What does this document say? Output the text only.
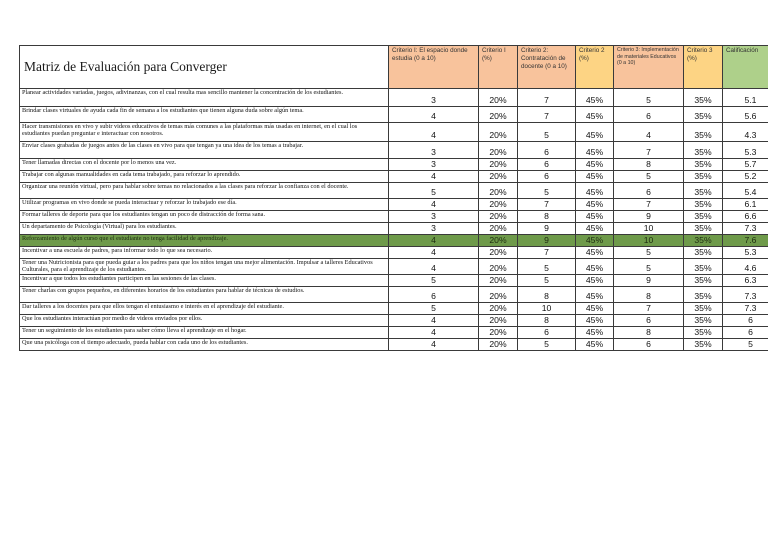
Matriz de Evaluación para Converger	Criterio I: El espacio donde estudia (0 a 10)	Criterio I (%)	Criterio 2: Contratación de docente (0 a 10)	Criterio 2 (%)	Criterio 3: Implementación de materiales Educativos (0 a 10)	Criterio 3 (%)	Calificación
Planear actividades variadas, juegos, adivinanzas, con el cual resulta mas sencillo mantener la concentración de los estudiantes.	3	20%	7	45%	5	35%	5.1
Brindar clases virtuales de ayuda cada fin de semana a los estudiantes que tienen alguna duda sobre algún tema.	4	20%	7	45%	6	35%	5.6
Hacer transmisiones en vivo y subir videos educativos de temas más comunes a las plataformas más usadas en internet, en el cual los estudiantes puedan preguntar e interactuar con nosotros.	4	20%	5	45%	4	35%	4.3
Enviar clases grabadas de juegos antes de las clases en vivo para que tengan ya una idea de los temas a trabajar.	3	20%	6	45%	7	35%	5.3
Tener llamadas directas con el docente por lo menos una vez.	3	20%	6	45%	8	35%	5.7
Trabajar con algunas manualidades en cada tema trabajado, para reforzar lo aprendido.	4	20%	6	45%	5	35%	5.2
Organizar una reunión virtual, pero para hablar sobre temas no relacionados a las clases para reforzar la confianza con el docente.	5	20%	5	45%	6	35%	5.4
Utilizar programas en vivo donde se pueda interactuar y reforzar lo trabajado ese día.	4	20%	7	45%	7	35%	6.1
Formar talleres de deporte para que los estudiantes tengan un poco de distracción de forma sana.	3	20%	8	45%	9	35%	6.6
Un departamento de Psicología (Virtual) para los estudiantes.	3	20%	9	45%	10	35%	7.3
Reforzamiento de algún curso que el estudiante no tenga facilidad de aprendizaje.	4	20%	9	45%	10	35%	7.6
Incentivar a una escuela de padres, para informar todo lo que sea necesario.	4	20%	7	45%	5	35%	5.3
Tener una Nutricionista para que pueda guiar a los padres para que los niños tengan una mejor alimentación. Impulsar a talleres Educativos Culturales, para el aprendizaje de los estudiantes.	4	20%	5	45%	5	35%	4.6
Incentivar a que todos los estudiantes participen en las sesiones de las clases.	5	20%	5	45%	9	35%	6.3
Tener charlas con grupos pequeños, en diferentes horarios de los estudiantes para hablar de técnicas de estudios.	6	20%	8	45%	8	35%	7.3
Dar talleres a los docentes para que ellos tengan el entusiasmo e interés en el aprendizaje del estudiante.	5	20%	10	45%	7	35%	7.3
Que los estudiantes interactúan por medio de videos enviados por ellos.	4	20%	8	45%	6	35%	6
Tener un seguimiento de los estudiantes para saber cómo lleva el aprendizaje en el hogar.	4	20%	6	45%	8	35%	6
Que una psicóloga con el tiempo adecuado, pueda hablar con cada uno de los estudiantes.	4	20%	5	45%	6	35%	5
